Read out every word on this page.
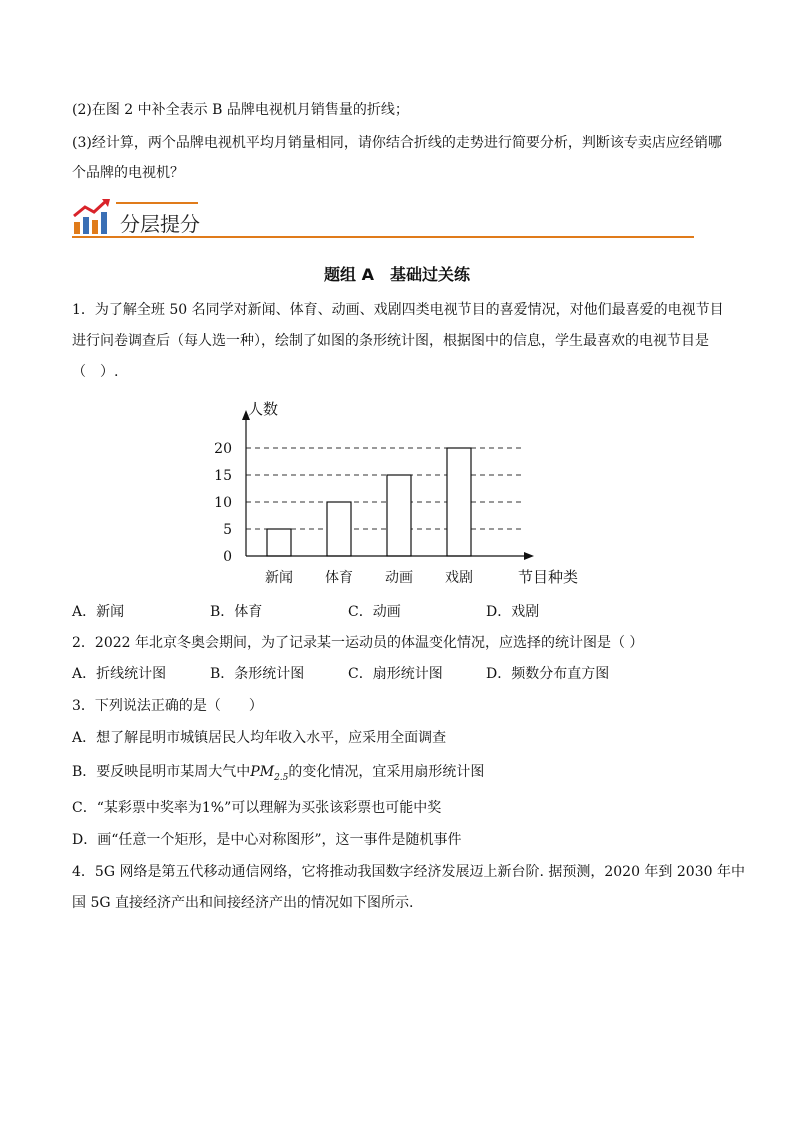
(2)在图 2 中补全表示 B 品牌电视机月销售量的折线；
(3)经计算，两个品牌电视机平均月销量相同，请你结合折线的走势进行简要分析，判断该专卖店应经销哪
个品牌的电视机？
分层提分
题组 A　基础过关练
1．为了解全班 50 名同学对新闻、体育、动画、戏剧四类电视节目的喜爱情况，对他们最喜爱的电视节目
进行问卷调查后（每人选一种），绘制了如图的条形统计图，根据图中的信息，学生最喜欢的电视节目是
（　）.
0
5
10
15
20
新闻 体育 动画 戏剧
人数
节目种类
A．新闻	B．体育	C．动画	D．戏剧
2．2022 年北京冬奥会期间，为了记录某一运动员的体温变化情况，应选择的统计图是（ ）
A．折线统计图	B．条形统计图	C．扇形统计图	D．频数分布直方图
3．下列说法正确的是（　　）
A．想了解昆明市城镇居民人均年收入水平，应采用全面调查
B．要反映昆明市某周大气中$PM_{2.5}$的变化情况，宜采用扇形统计图
C．“某彩票中奖率为1%”可以理解为买张该彩票也可能中奖
D．画“任意一个矩形，是中心对称图形”，这一事件是随机事件
4．5G 网络是第五代移动通信网络，它将推动我国数字经济发展迈上新台阶. 据预测，2020 年到 2030 年中
国 5G 直接经济产出和间接经济产出的情况如下图所示.
